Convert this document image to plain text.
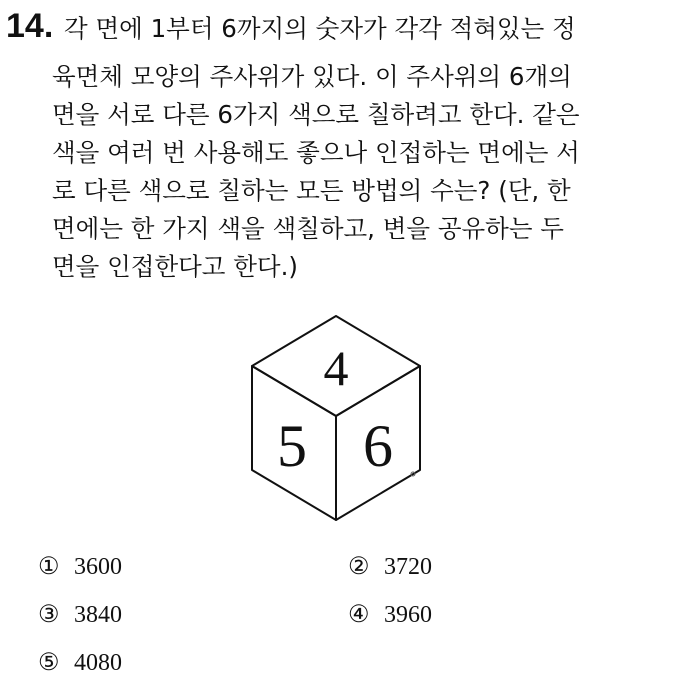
14. 각 면에 1부터 6까지의 숫자가 각각 적혀있는 정
육면체 모양의 주사위가 있다. 이 주사위의 6개의
면을 서로 다른 6가지 색으로 칠하려고 한다. 같은
색을 여러 번 사용해도 좋으나 인접하는 면에는 서
로 다른 색으로 칠하는 모든 방법의 수는? (단, 한
면에는 한 가지 색을 색칠하고, 변을 공유하는 두
면을 인접한다고 한다.)
4
5 6
① 3600	② 3720
③ 3840	④ 3960
⑤ 4080
